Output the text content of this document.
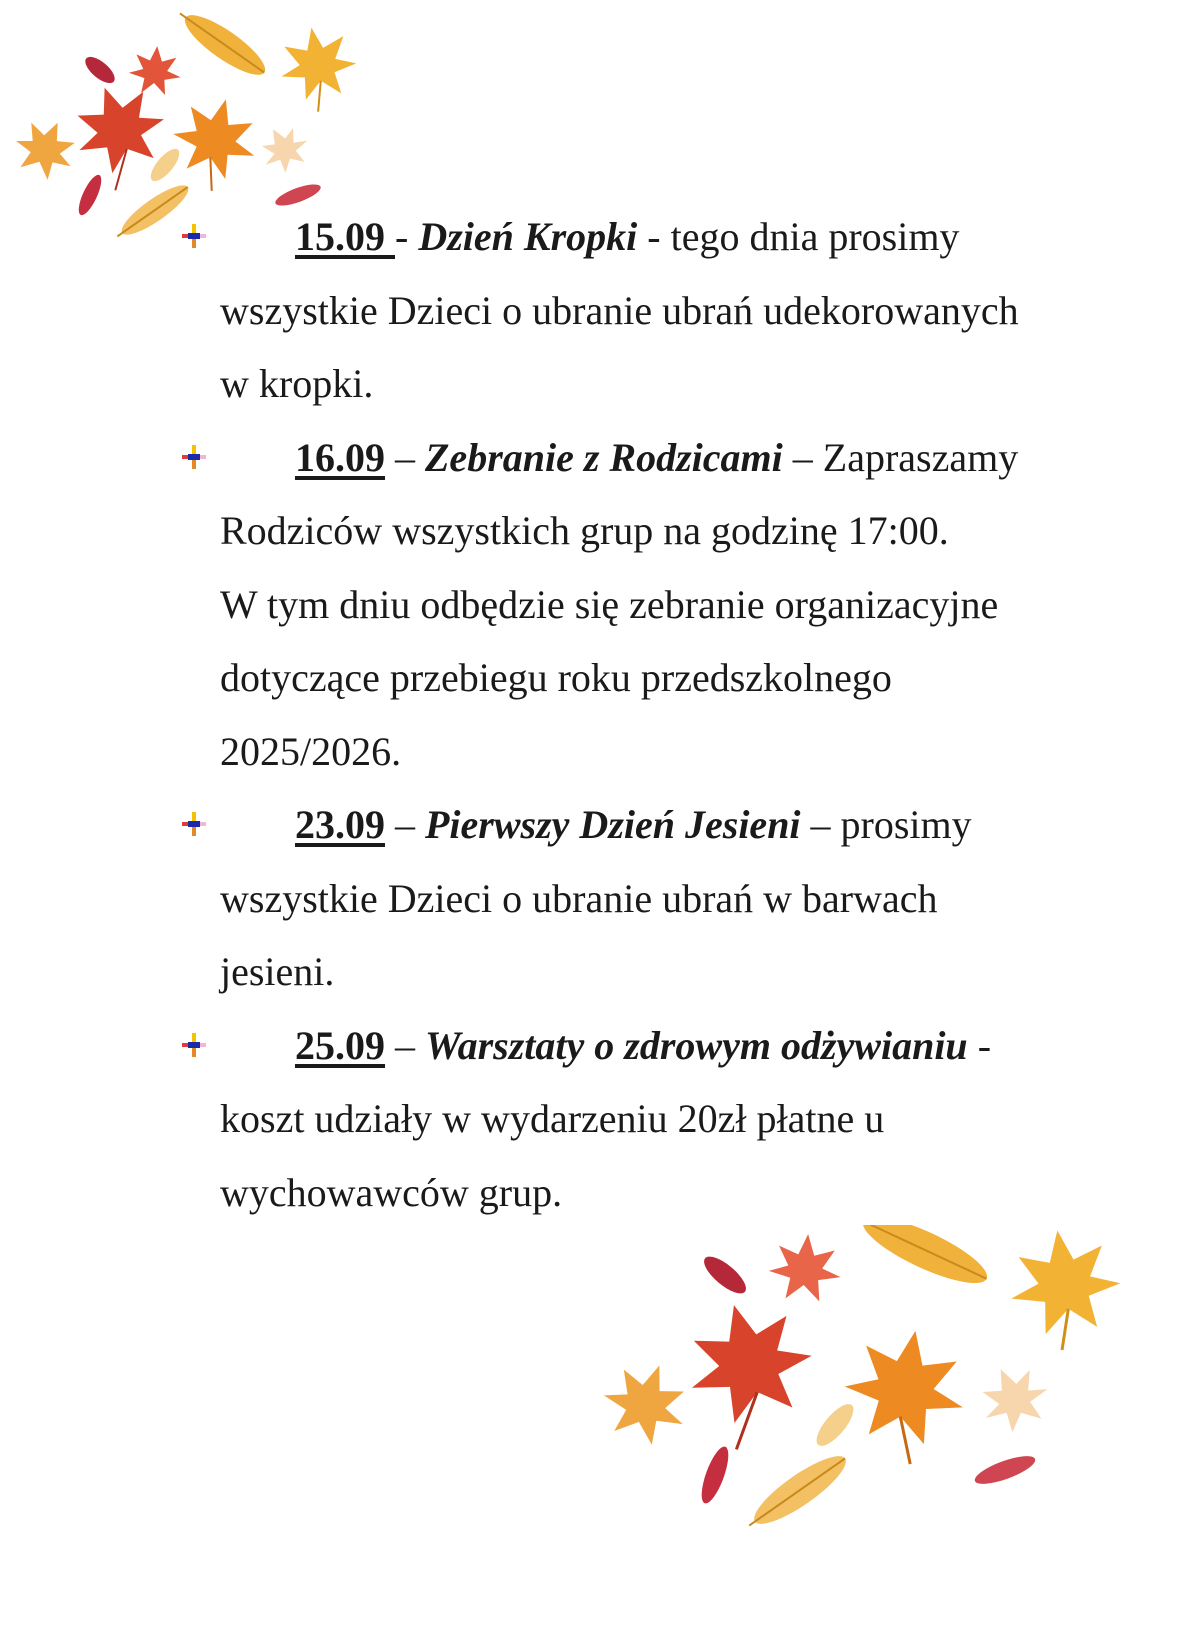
15.09 - Dzień Kropki - tego dnia prosimy
wszystkie Dzieci o ubranie ubrań udekorowanych
w kropki.
16.09 – Zebranie z Rodzicami – Zapraszamy
Rodziców wszystkich grup na godzinę 17:00.
W tym dniu odbędzie się zebranie organizacyjne
dotyczące przebiegu roku przedszkolnego
2025/2026.
23.09 – Pierwszy Dzień Jesieni – prosimy
wszystkie Dzieci o ubranie ubrań w barwach
jesieni.
25.09 – Warsztaty o zdrowym odżywianiu -
koszt udziały w wydarzeniu 20zł płatne u
wychowawców grup.
